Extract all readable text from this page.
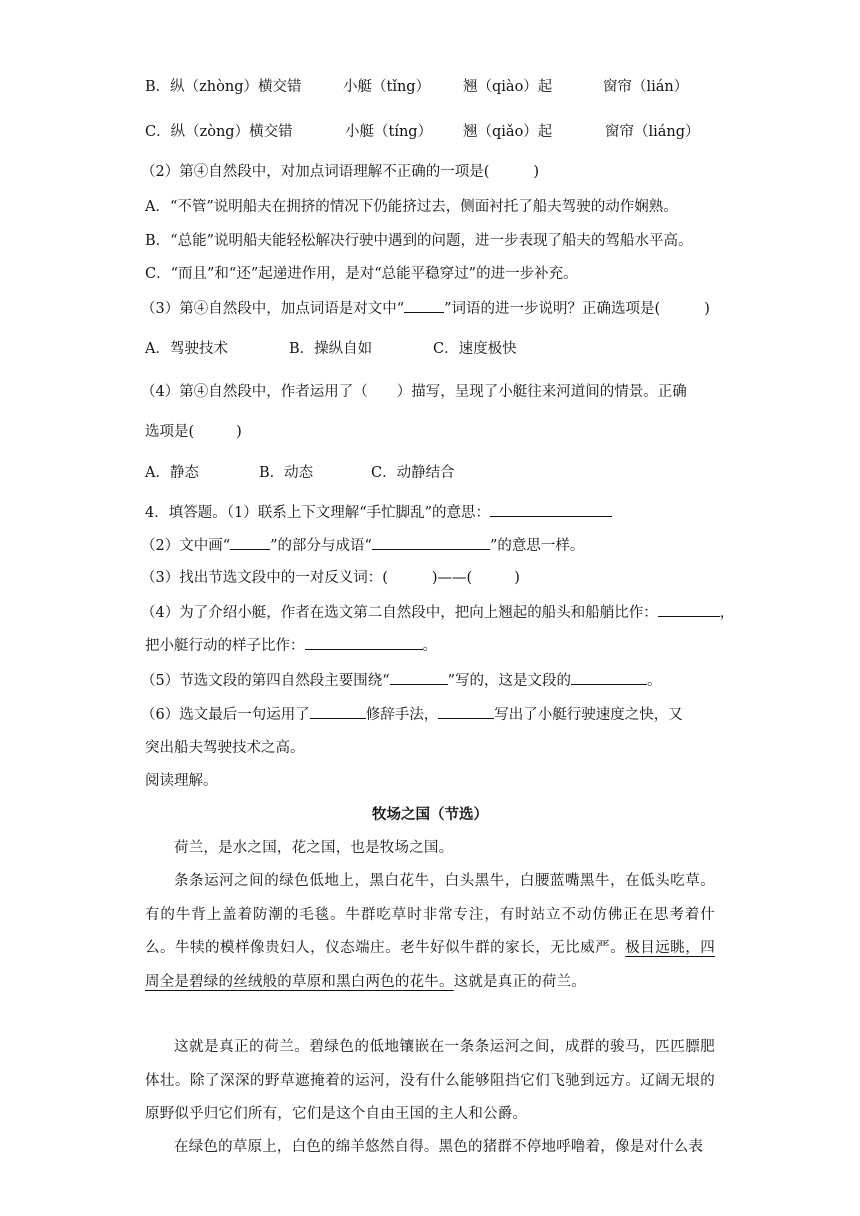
B．纵（zhòng）横交错	小艇（tǐng） 翘（qiào）起	窗帘（lián）
C．纵（zòng）横交错	小艇（tíng） 翘（qiǎo）起	窗帘（liáng）
（2）第④自然段中，对加点词语理解不正确的一项是(	)
A．“不管”说明船夫在拥挤的情况下仍能挤过去，侧面衬托了船夫驾驶的动作娴熟。
B．“总能”说明船夫能轻松解决行驶中遇到的问题，进一步表现了船夫的驾船水平高。
C．“而且”和“还”起递进作用，是对“总能平稳穿过”的进一步补充。
（3）第④自然段中，加点词语是对文中“	”词语的进一步说明？正确选项是(	)
A．驾驶技术	B．操纵自如	C．速度极快
（4）第④自然段中，作者运用了（　　）描写，呈现了小艇往来河道间的情景。正确
选项是(	)
A．静态	B．动态	C．动静结合
4．填答题。（1）联系上下文理解“手忙脚乱”的意思：
（2）文中画“	”的部分与成语“	”的意思一样。
（3）找出节选文段中的一对反义词：(	)——(	)
（4）为了介绍小艇，作者在选文第二自然段中，把向上翘起的船头和船艄比作：	，
把小艇行动的样子比作：	。
（5）节选文段的第四自然段主要围绕“	”写的，这是文段的	。
（6）选文最后一句运用了	修辞手法，	写出了小艇行驶速度之快，又
突出船夫驾驶技术之高。
阅读理解。
牧场之国（节选）
荷兰，是水之国，花之国，也是牧场之国。
条条运河之间的绿色低地上，黑白花牛，白头黑牛，白腰蓝嘴黑牛，在低头吃草。有的牛背上盖着防潮的毛毯。牛群吃草时非常专注，有时站立不动仿佛正在思考着什么。牛犊的模样像贵妇人，仪态端庄。老牛好似牛群的家长，无比威严。极目远眺，四周全是碧绿的丝绒般的草原和黑白两色的花牛。这就是真正的荷兰。
这就是真正的荷兰。碧绿色的低地镶嵌在一条条运河之间，成群的骏马，匹匹膘肥体壮。除了深深的野草遮掩着的运河，没有什么能够阻挡它们飞驰到远方。辽阔无垠的原野似乎归它们所有，它们是这个自由王国的主人和公爵。
在绿色的草原上，白色的绵羊悠然自得。黑色的猪群不停地呼噜着，像是对什么表
